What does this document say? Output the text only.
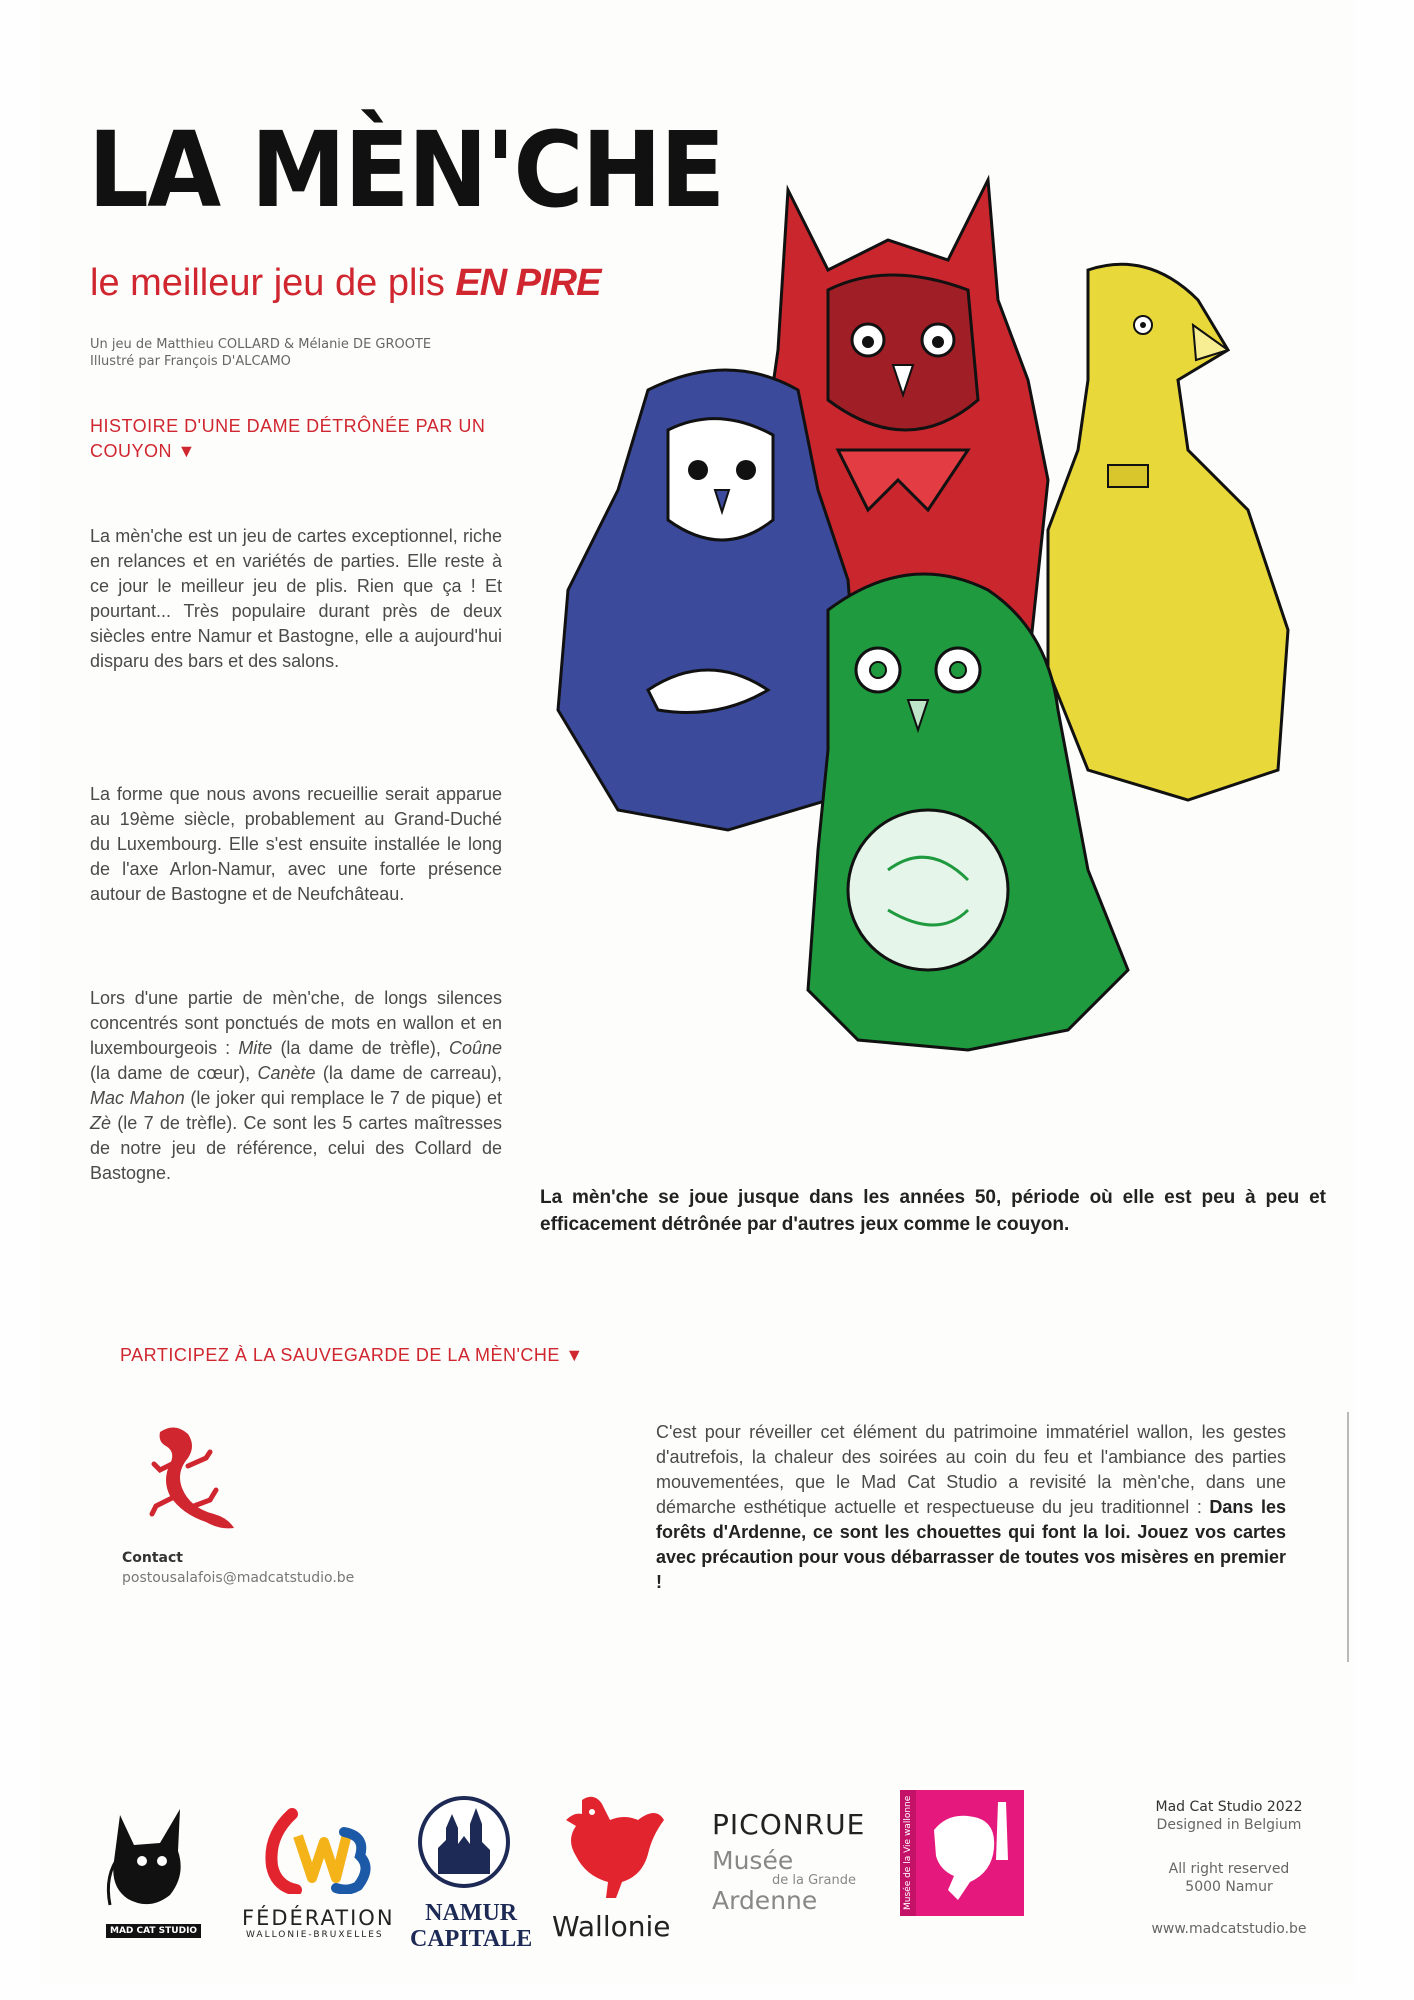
LA MÈN'CHE
le meilleur jeu de plis EN PIRE
Un jeu de Matthieu COLLARD & Mélanie DE GROOTE
Illustré par François D'ALCAMO
HISTOIRE D'UNE DAME DÉTRÔNÉE PAR UN COUYON ▼
La mèn'che est un jeu de cartes exceptionnel, riche en relances et en variétés de parties. Elle reste à ce jour le meilleur jeu de plis. Rien que ça ! Et pourtant... Très populaire durant près de deux siècles entre Namur et Bastogne, elle a aujourd'hui disparu des bars et des salons.
La forme que nous avons recueillie serait apparue au 19ème siècle, probablement au Grand-Duché du Luxembourg. Elle s'est ensuite installée le long de l'axe Arlon-Namur, avec une forte présence autour de Bastogne et de Neufchâteau.
Lors d'une partie de mèn'che, de longs silences concentrés sont ponctués de mots en wallon et en luxembourgeois : Mite (la dame de trèfle), Coûne (la dame de cœur), Canète (la dame de carreau), Mac Mahon (le joker qui remplace le 7 de pique) et Zè (le 7 de trèfle). Ce sont les 5 cartes maîtresses de notre jeu de référence, celui des Collard de Bastogne.
La mèn'che se joue jusque dans les années 50, période où elle est peu à peu et efficacement détrônée par d'autres jeux comme le couyon.
PARTICIPEZ À LA SAUVEGARDE DE LA MÈN'CHE ▼
Contact
postousalafois@madcatstudio.be
C'est pour réveiller cet élément du patrimoine immatériel wallon, les gestes d'autrefois, la chaleur des soirées au coin du feu et l'ambiance des parties mouvementées, que le Mad Cat Studio a revisité la mèn'che, dans une démarche esthétique actuelle et respectueuse du jeu traditionnel : Dans les forêts d'Ardenne, ce sont les chouettes qui font la loi. Jouez vos cartes avec précaution pour vous débarrasser de toutes vos misères en premier !
MAD CAT STUDIO
FÉDÉRATION
WALLONIE-BRUXELLES
NAMUR
CAPITALE Wallonie
PICONRUE
Musée
de la Grande
Ardenne	Musée de la Vie wallonne	Mad Cat Studio 2022
Designed in Belgium
All right reserved
5000 Namur
www.madcatstudio.be
